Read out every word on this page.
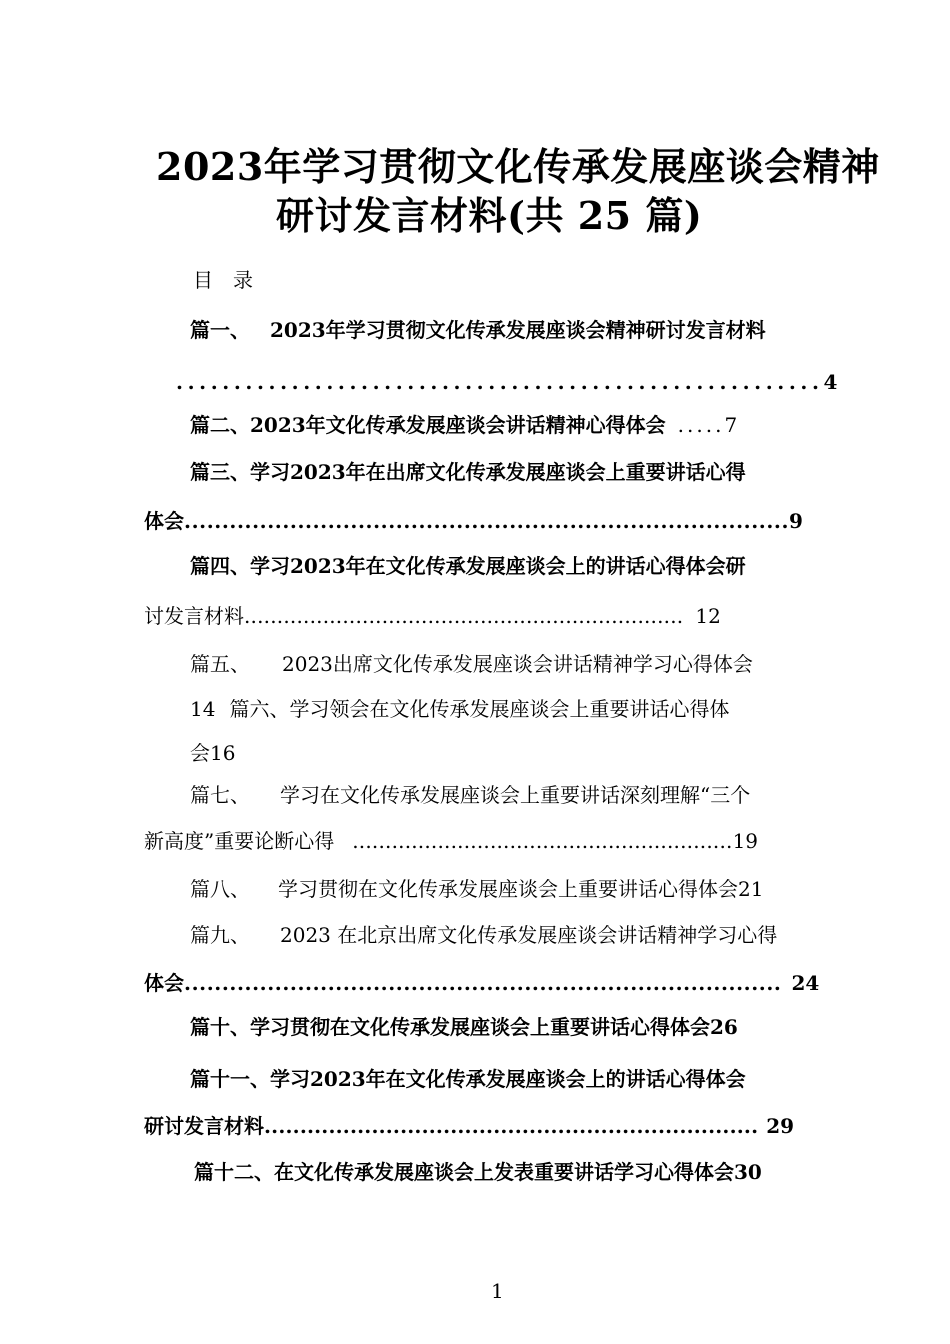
2023年学习贯彻文化传承发展座谈会精神
研讨发言材料(共 25 篇)
目　录
篇一、 2023年学习贯彻文化传承发展座谈会精神研讨发言材料
........................................................4
篇二、2023年文化传承发展座谈会讲话精神心得体会 .....7
篇三、学习2023年在出席文化传承发展座谈会上重要讲话心得
体会................................................................................9
篇四、学习2023年在文化传承发展座谈会上的讲话心得体会研
讨发言材料................................................................... 12
篇五、 2023出席文化传承发展座谈会讲话精神学习心得体会
14 篇六、学习领会在文化传承发展座谈会上重要讲话心得体
会16
篇七、 学习在文化传承发展座谈会上重要讲话深刻理解“三个
新高度”重要论断心得 ..........................................................19
篇八、 学习贯彻在文化传承发展座谈会上重要讲话心得体会21
篇九、 2023 在北京出席文化传承发展座谈会讲话精神学习心得
体会............................................................................... 24
篇十、学习贯彻在文化传承发展座谈会上重要讲话心得体会26
篇十一、学习2023年在文化传承发展座谈会上的讲话心得体会
研讨发言材料..................................................................... 29
篇十二、在文化传承发展座谈会上发表重要讲话学习心得体会30
1
